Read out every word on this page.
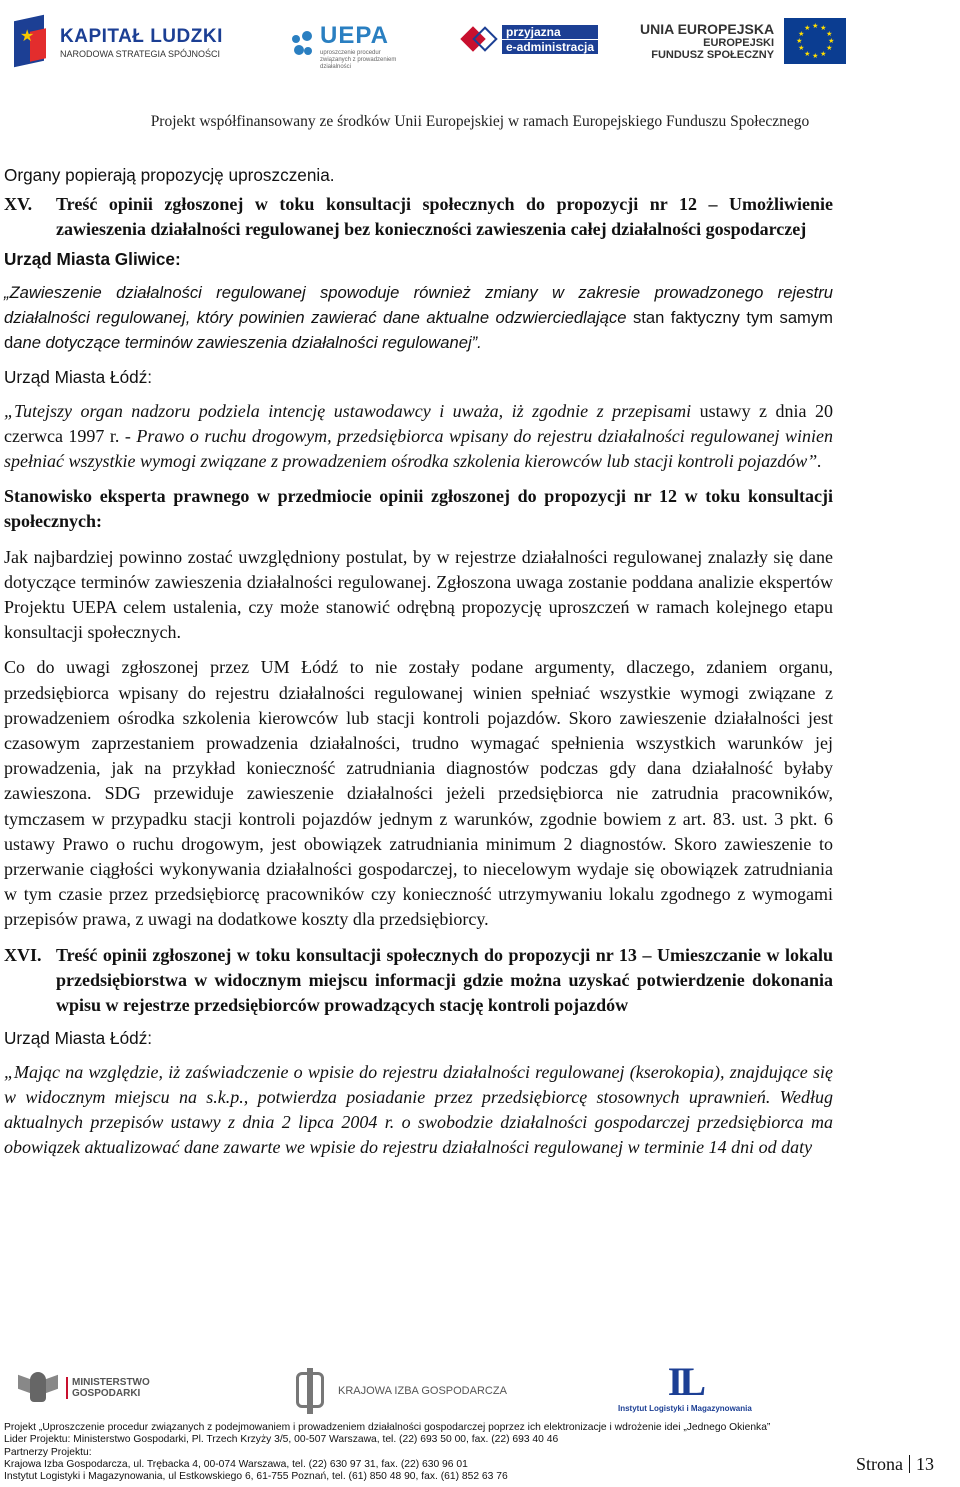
★ KAPITAŁ LUDZKI
NARODOWA STRATEGIA SPÓJNOŚCI
UEPA
uproszczenie procedur związanych z prowadzeniem działalności
przyjazna
e-administracja
UNIA EUROPEJSKA
EUROPEJSKI
FUNDUSZ SPOŁECZNY
★ ★
★
★
★
★
★
★
★
★
★
★
Projekt współfinansowany ze środków Unii Europejskiej w ramach Europejskiego Funduszu Społecznego

Organy popierają propozycję uproszczenia.

XV.	Treść opinii zgłoszonej w toku konsultacji społecznych do propozycji nr 12 – Umożliwienie zawieszenia działalności regulowanej bez konieczności zawieszenia całej działalności gospodarczej

Urząd Miasta Gliwice:

„Zawieszenie działalności regulowanej spowoduje również zmiany w zakresie prowadzonego rejestru działalności regulowanej, który powinien zawierać dane aktualne odzwierciedlające stan faktyczny tym samym dane dotyczące terminów zawieszenia działalności regulowanej”.

Urząd Miasta Łódź:

„Tutejszy organ nadzoru podziela intencję ustawodawcy i uważa, iż zgodnie z przepisami ustawy z dnia 20 czerwca 1997 r. - Prawo o ruchu drogowym, przedsiębiorca wpisany do rejestru działalności regulowanej winien spełniać wszystkie wymogi związane z prowadzeniem ośrodka szkolenia kierowców lub stacji kontroli pojazdów”.

Stanowisko eksperta prawnego w przedmiocie opinii zgłoszonej do propozycji nr 12 w toku konsultacji społecznych:

Jak najbardziej powinno zostać uwzględniony postulat, by w rejestrze działalności regulowanej znalazły się dane dotyczące terminów zawieszenia działalności regulowanej. Zgłoszona uwaga zostanie poddana analizie ekspertów Projektu UEPA celem ustalenia, czy może stanowić odrębną propozycję uproszczeń w ramach kolejnego etapu konsultacji społecznych.

Co do uwagi zgłoszonej przez UM Łódź to nie zostały podane argumenty, dlaczego, zdaniem organu, przedsiębiorca wpisany do rejestru działalności regulowanej winien spełniać wszystkie wymogi związane z prowadzeniem ośrodka szkolenia kierowców lub stacji kontroli pojazdów. Skoro zawieszenie działalności jest czasowym zaprzestaniem prowadzenia działalności, trudno wymagać spełnienia wszystkich warunków jej prowadzenia, jak na przykład konieczność zatrudniania diagnostów podczas gdy dana działalność byłaby zawieszona. SDG przewiduje zawieszenie działalności jeżeli przedsiębiorca nie zatrudnia pracowników, tymczasem w przypadku stacji kontroli pojazdów jednym z warunków, zgodnie bowiem z art. 83. ust. 3 pkt. 6 ustawy Prawo o ruchu drogowym, jest obowiązek zatrudniania minimum 2 diagnostów. Skoro zawieszenie to przerwanie ciągłości wykonywania działalności gospodarczej, to niecelowym wydaje się obowiązek zatrudniania w tym czasie przez przedsiębiorcę pracowników czy konieczność utrzymywaniu lokalu zgodnego z wymogami przepisów prawa, z uwagi na dodatkowe koszty dla przedsiębiorcy.

XVI. Treść opinii zgłoszonej w toku konsultacji społecznych do propozycji nr 13 – Umieszczanie w lokalu przedsiębiorstwa w widocznym miejscu informacji gdzie można uzyskać potwierdzenie dokonania wpisu w rejestrze przedsiębiorców prowadzących stację kontroli pojazdów

Urząd Miasta Łódź:

„Mając na względzie, iż zaświadczenie o wpisie do rejestru działalności regulowanej (kserokopia), znajdujące się w widocznym miejscu na s.k.p., potwierdza posiadanie przez przedsiębiorcę stosownych uprawnień. Według aktualnych przepisów ustawy z dnia 2 lipca 2004 r. o swobodzie działalności gospodarczej przedsiębiorca ma obowiązek aktualizować dane zawarte we wpisie do rejestru działalności regulowanej w terminie 14 dni od daty

MINISTERSTWO GOSPODARKI	KRAJOWA IZBA GOSPODARCZA	IL
Instytut Logistyki i Magazynowania
Projekt „Uproszczenie procedur związanych z podejmowaniem i prowadzeniem działalności gospodarczej poprzez ich elektronizacje i wdrożenie idei „Jednego Okienka”
Lider Projektu: Ministerstwo Gospodarki, Pl. Trzech Krzyży 3/5, 00-507 Warszawa, tel. (22) 693 50 00, fax. (22) 693 40 46
Partnerzy Projektu:
Krajowa Izba Gospodarcza, ul. Trębacka 4, 00-074 Warszawa, tel. (22) 630 97 31, fax. (22) 630 96 01
Instytut Logistyki i Magazynowania, ul Estkowskiego 6, 61-755 Poznań, tel. (61) 850 48 90, fax. (61) 852 63 76
Strona 13
